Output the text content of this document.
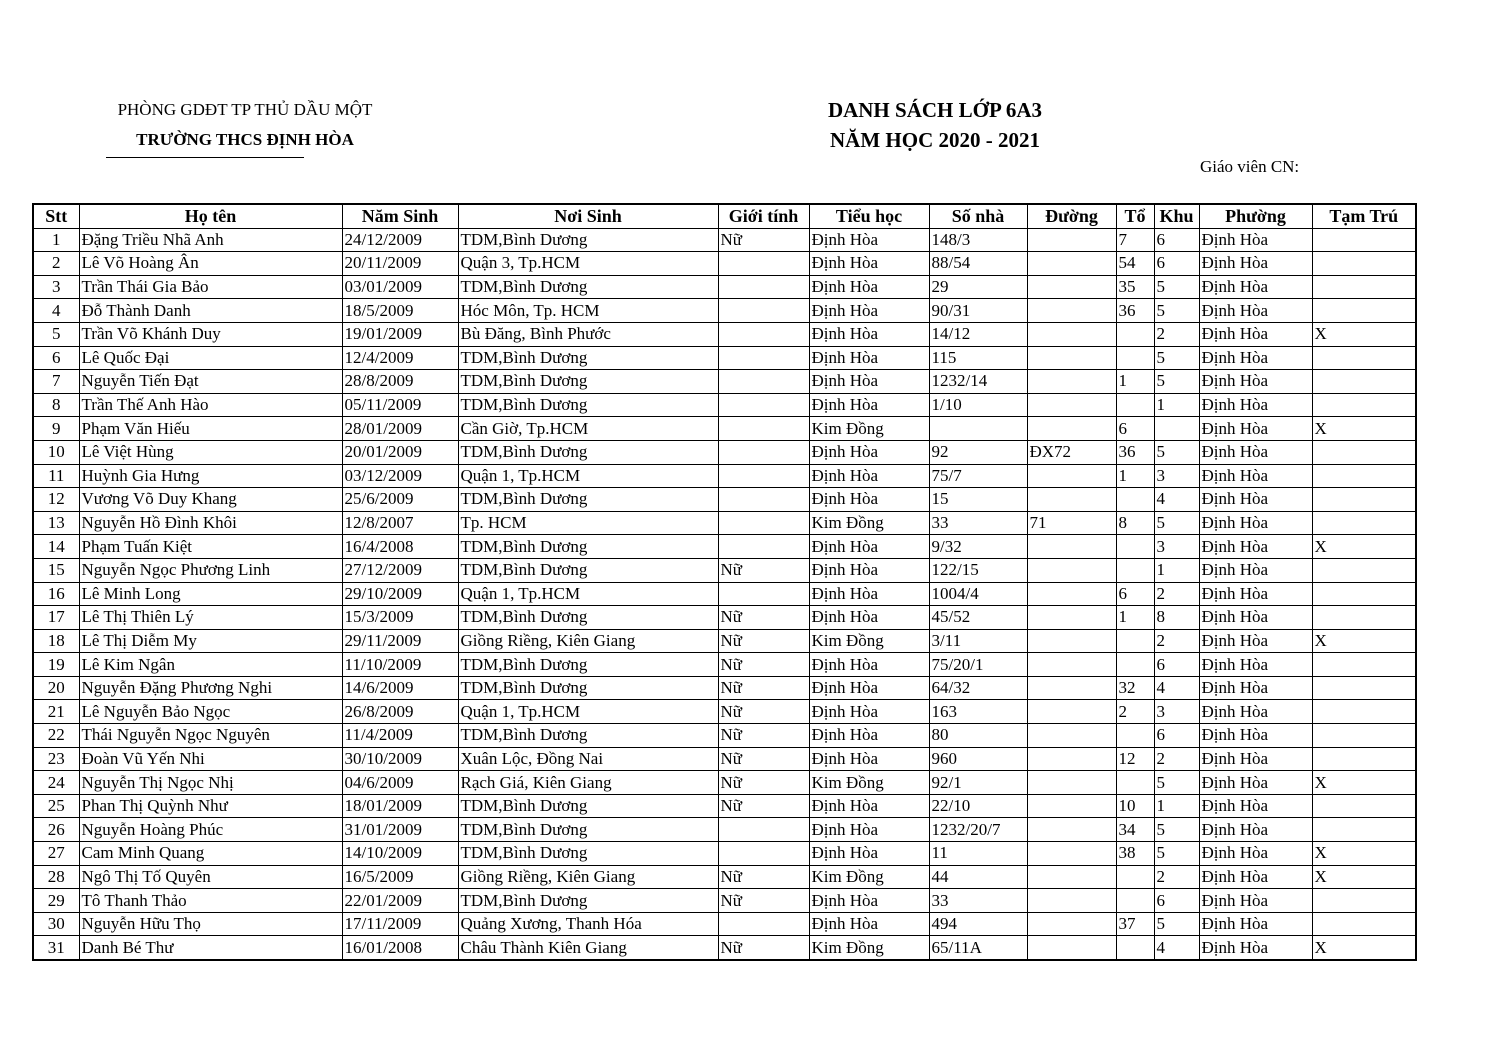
PHÒNG GDĐT TP THỦ DẦU MỘT
TRƯỜNG THCS ĐỊNH HÒA
DANH SÁCH LỚP 6A3
NĂM HỌC 2020 - 2021
Giáo viên CN:
Stt	Họ tên	Năm Sinh	Nơi Sinh	Giới tính	Tiểu học	Số nhà	Đường	Tổ	Khu	Phường	Tạm Trú
1	Đặng Triều Nhã Anh	24/12/2009	TDM,Bình Dương	Nữ	Định Hòa	148/3		7	6	Định Hòa	
2	Lê Võ Hoàng Ân	20/11/2009	Quận 3, Tp.HCM		Định Hòa	88/54		54	6	Định Hòa	
3	Trần Thái Gia Bảo	03/01/2009	TDM,Bình Dương		Định Hòa	29		35	5	Định Hòa	
4	Đỗ Thành Danh	18/5/2009	Hóc Môn, Tp. HCM		Định Hòa	90/31		36	5	Định Hòa	
5	Trần Võ Khánh Duy	19/01/2009	Bù Đăng, Bình Phước		Định Hòa	14/12			2	Định Hòa	X
6	Lê Quốc Đại	12/4/2009	TDM,Bình Dương		Định Hòa	115			5	Định Hòa	
7	Nguyễn Tiến Đạt	28/8/2009	TDM,Bình Dương		Định Hòa	1232/14		1	5	Định Hòa	
8	Trần Thế Anh Hào	05/11/2009	TDM,Bình Dương		Định Hòa	1/10			1	Định Hòa	
9	Phạm Văn Hiếu	28/01/2009	Cần Giờ, Tp.HCM		Kim Đồng			6		Định Hòa	X
10	Lê Việt Hùng	20/01/2009	TDM,Bình Dương		Định Hòa	92	ĐX72	36	5	Định Hòa	
11	Huỳnh Gia Hưng	03/12/2009	Quận 1, Tp.HCM		Định Hòa	75/7		1	3	Định Hòa	
12	Vương Võ Duy Khang	25/6/2009	TDM,Bình Dương		Định Hòa	15			4	Định Hòa	
13	Nguyễn Hồ Đình Khôi	12/8/2007	Tp. HCM		Kim Đồng	33	71	8	5	Định Hòa	
14	Phạm Tuấn Kiệt	16/4/2008	TDM,Bình Dương		Định Hòa	9/32			3	Định Hòa	X
15	Nguyễn Ngọc Phương Linh	27/12/2009	TDM,Bình Dương	Nữ	Định Hòa	122/15			1	Định Hòa	
16	Lê Minh Long	29/10/2009	Quận 1, Tp.HCM		Định Hòa	1004/4		6	2	Định Hòa	
17	Lê Thị Thiên Lý	15/3/2009	TDM,Bình Dương	Nữ	Định Hòa	45/52		1	8	Định Hòa	
18	Lê Thị Diễm My	29/11/2009	Giồng Riềng, Kiên Giang	Nữ	Kim Đồng	3/11			2	Định Hòa	X
19	Lê Kim Ngân	11/10/2009	TDM,Bình Dương	Nữ	Định Hòa	75/20/1			6	Định Hòa	
20	Nguyễn Đặng Phương Nghi	14/6/2009	TDM,Bình Dương	Nữ	Định Hòa	64/32		32	4	Định Hòa	
21	Lê Nguyễn Bảo Ngọc	26/8/2009	Quận 1, Tp.HCM	Nữ	Định Hòa	163		2	3	Định Hòa	
22	Thái Nguyễn Ngọc Nguyên	11/4/2009	TDM,Bình Dương	Nữ	Định Hòa	80			6	Định Hòa	
23	Đoàn Vũ Yến Nhi	30/10/2009	Xuân Lộc, Đồng Nai	Nữ	Định Hòa	960		12	2	Định Hòa	
24	Nguyễn Thị Ngọc Nhị	04/6/2009	Rạch Giá, Kiên Giang	Nữ	Kim Đồng	92/1			5	Định Hòa	X
25	Phan Thị Quỳnh Như	18/01/2009	TDM,Bình Dương	Nữ	Định Hòa	22/10		10	1	Định Hòa	
26	Nguyễn Hoàng Phúc	31/01/2009	TDM,Bình Dương		Định Hòa	1232/20/7		34	5	Định Hòa	
27	Cam Minh Quang	14/10/2009	TDM,Bình Dương		Định Hòa	11		38	5	Định Hòa	X
28	Ngô Thị Tố Quyên	16/5/2009	Giồng Riềng, Kiên Giang	Nữ	Kim Đồng	44			2	Định Hòa	X
29	Tô Thanh Thảo	22/01/2009	TDM,Bình Dương	Nữ	Định Hòa	33			6	Định Hòa	
30	Nguyễn Hữu Thọ	17/11/2009	Quảng Xương, Thanh Hóa		Định Hòa	494		37	5	Định Hòa	
31	Danh Bé Thư	16/01/2008	Châu Thành Kiên Giang	Nữ	Kim Đồng	65/11A			4	Định Hòa	X
